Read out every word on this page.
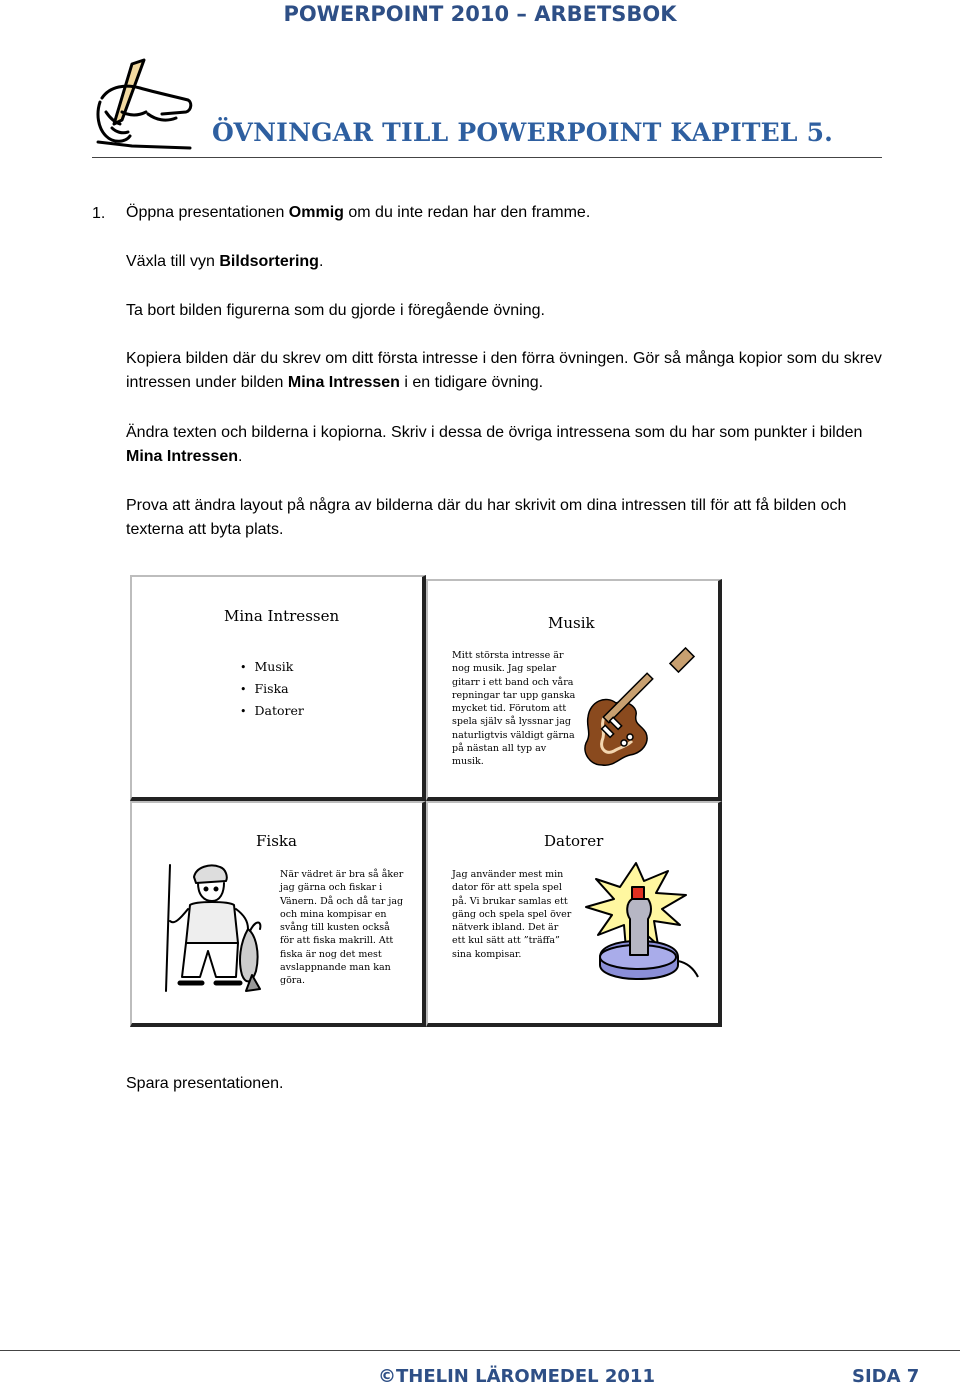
POWERPOINT 2010 – ARBETSBOK
ÖVNINGAR TILL POWERPOINT KAPITEL 5.
1. Öppna presentationen Ommig om du inte redan har den framme.
Växla till vyn Bildsortering.
Ta bort bilden figurerna som du gjorde i föregående övning.
Kopiera bilden där du skrev om ditt första intresse i den förra övningen. Gör så många kopior som du skrev intressen under bilden Mina Intressen i en tidigare övning.
Ändra texten och bilderna i kopiorna. Skriv i dessa de övriga intressena som du har som punkter i bilden Mina Intressen.
Prova att ändra layout på några av bilderna där du har skrivit om dina intressen till för att få bilden och texterna att byta plats.
Mina Intressen
• Musik
• Fiska
• Datorer
Musik
Mitt största intresse är nog musik. Jag spelar gitarr i ett band och våra repningar tar upp ganska mycket tid. Förutom att spela själv så lyssnar jag naturligtvis väldigt gärna på nästan all typ av musik.
Fiska
När vädret är bra så åker jag gärna och fiskar i Vänern. Då och då tar jag och mina kompisar en svång till kusten också för att fiska makrill. Att fiska är nog det mest avslappnande man kan göra.
Datorer
Jag använder mest min dator för att spela spel på. Vi brukar samlas ett gäng och spela spel över nätverk ibland. Det är ett kul sätt att ”träffa” sina kompisar.
Spara presentationen.
©THELIN LÄROMEDEL 2011	SIDA 7
